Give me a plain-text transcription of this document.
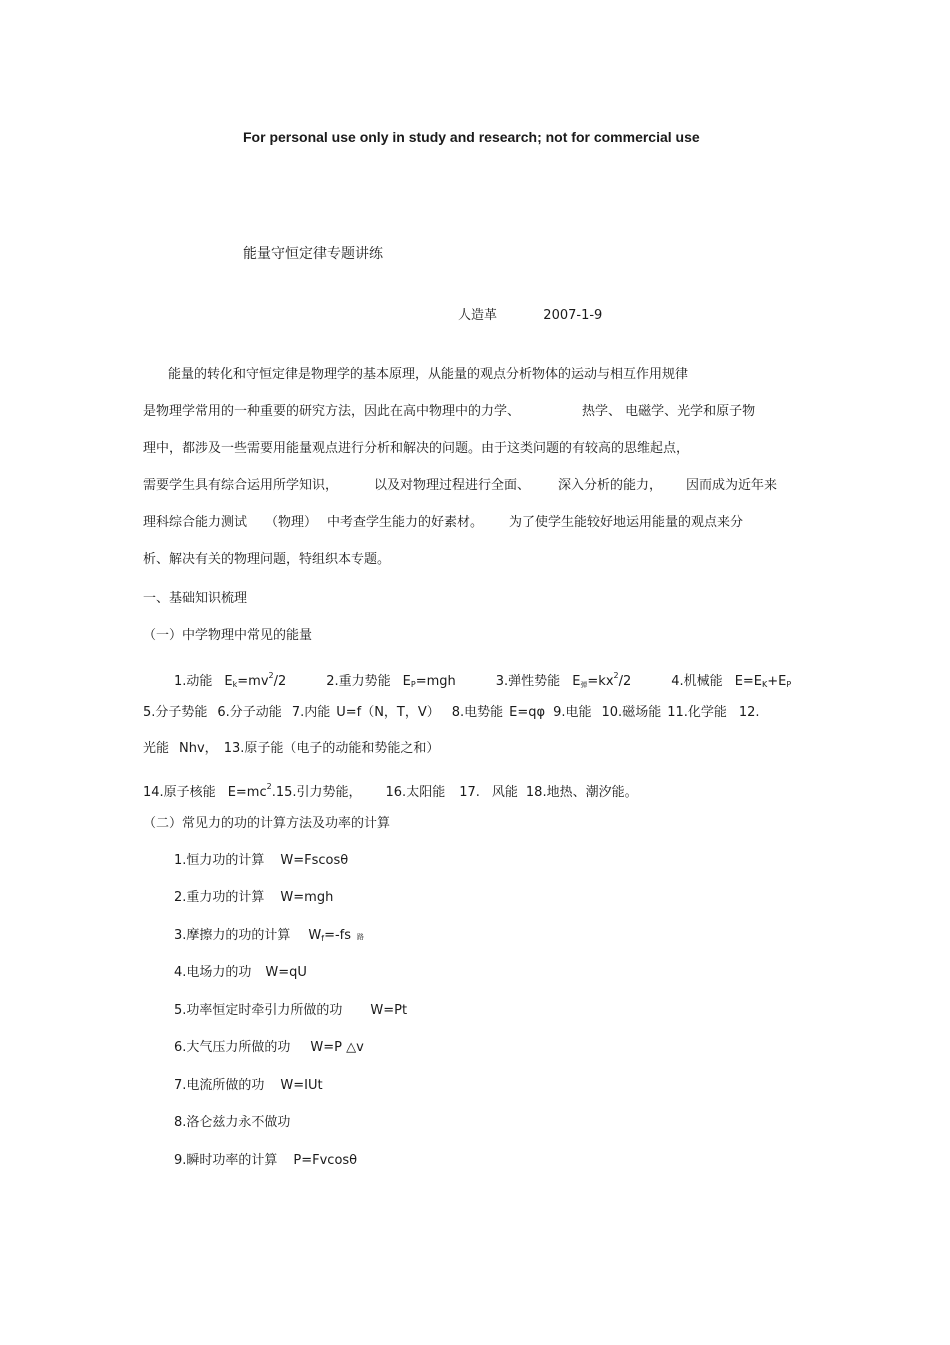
For personal use only in study and research; not for commercial use
能量守恒定律专题讲练
人造革	2007-1-9
能量的转化和守恒定律是物理学的基本原理，从能量的观点分析物体的运动与相互作用规律
是物理学常用的一种重要的研究方法，因此在高中物理中的力学、	热学、 电磁学、光学和原子物
理中，都涉及一些需要用能量观点进行分析和解决的问题。由于这类问题的有较高的思维起点，
需要学生具有综合运用所学知识，	以及对物理过程进行全面、 深入分析的能力， 因而成为近年来
理科综合能力测试 （物理） 中考查学生能力的好素材。 为了使学生能较好地运用能量的观点来分
析、解决有关的物理问题，特组织本专题。
一、基础知识梳理
（一）中学物理中常见的能量
1.动能 Ek=mv2/2	2.重力势能 EP=mgh	3.弹性势能 E弹=kx2/2	4.机械能 E=EK+EP
5.分子势能 6.分子动能 7.内能 U=f（N，T，V） 8.电势能 E=qφ 9.电能 10.磁场能 11.化学能 12.
光能 Nhv， 13.原子能（电子的动能和势能之和）
14.原子核能 E=mc2.15.引力势能， 16.太阳能 17. 风能 18.地热、潮汐能。
（二）常见力的功的计算方法及功率的计算
1.恒力功的计算 W=Fscosθ
2.重力功的计算 W=mgh
3.摩擦力的功的计算 Wf=-fs 路
4.电场力的功 W=qU
5.功率恒定时牵引力所做的功 W=Pt
6.大气压力所做的功 W=P △v
7.电流所做的功 W=IUt
8.洛仑兹力永不做功
9.瞬时功率的计算 P=Fvcosθ
